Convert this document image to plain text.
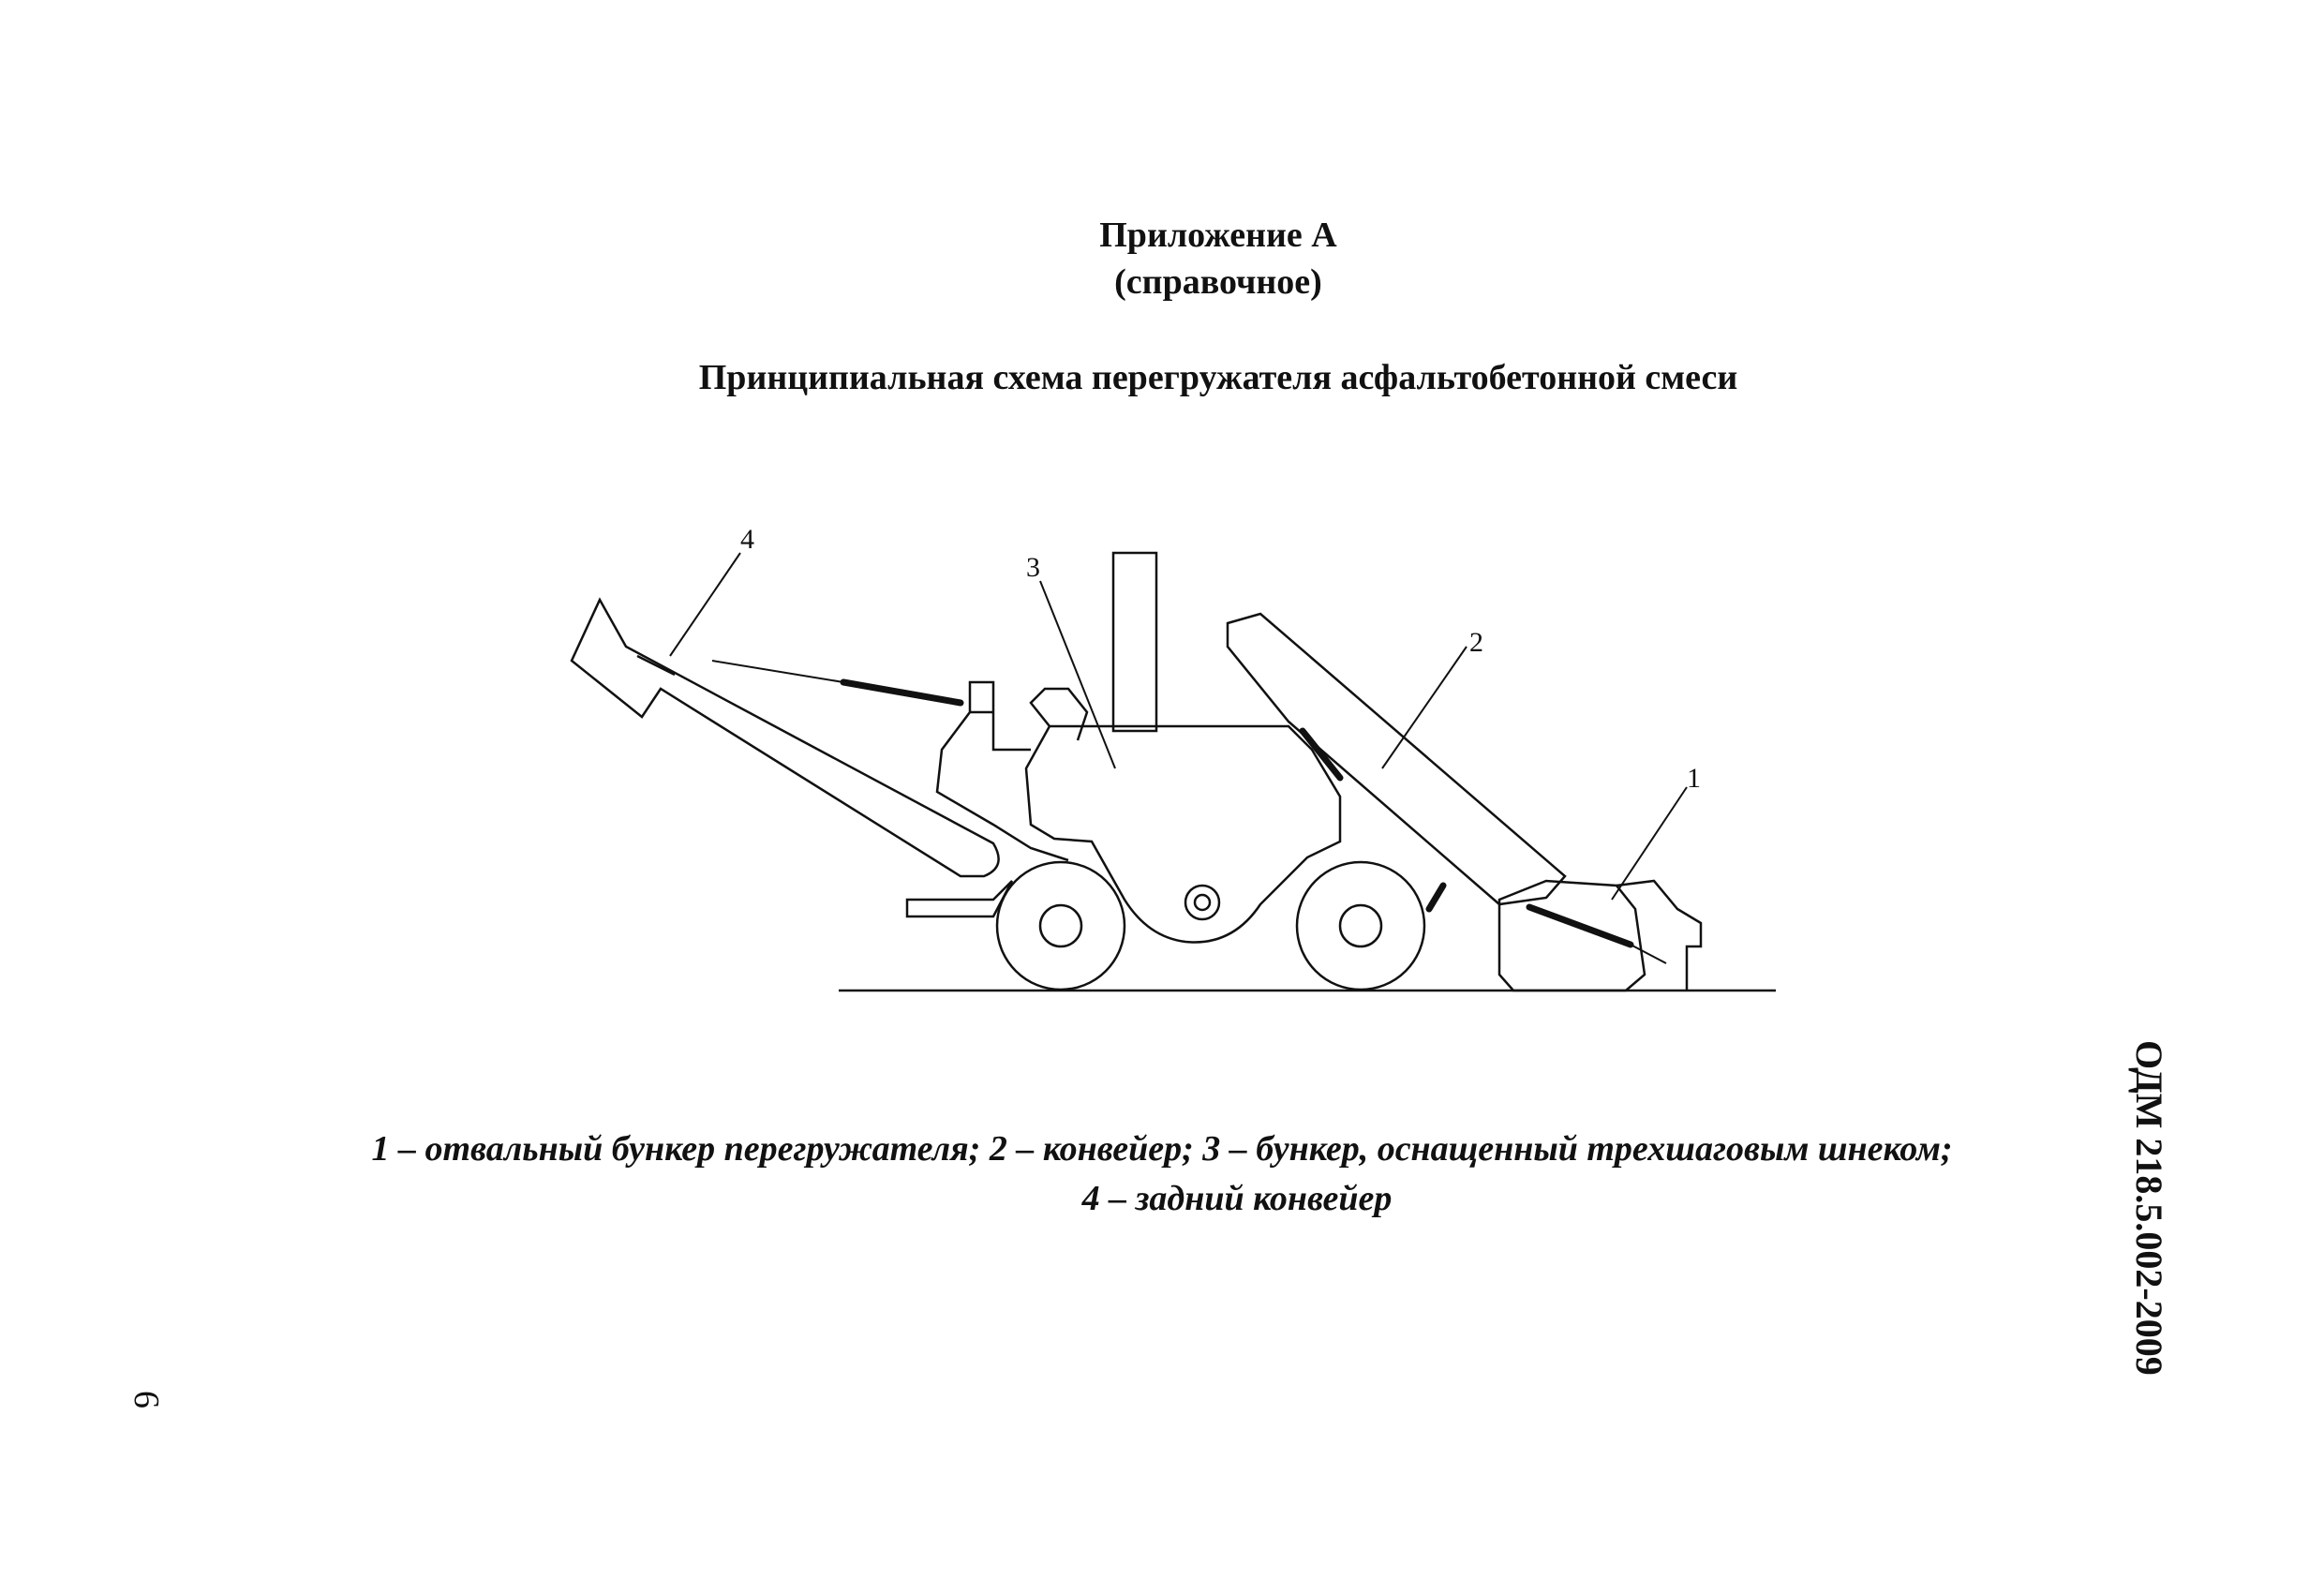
Приложение А
(справочное)
Принципиальная схема перегружателя асфальтобетонной смеси
1
2
3
4
1 – отвальный бункер перегружателя; 2 – конвейер; 3 – бункер, оснащенный трехшаговым шнеком;
4 – задний конвейер	ОДМ 218.5.002-2009
6
